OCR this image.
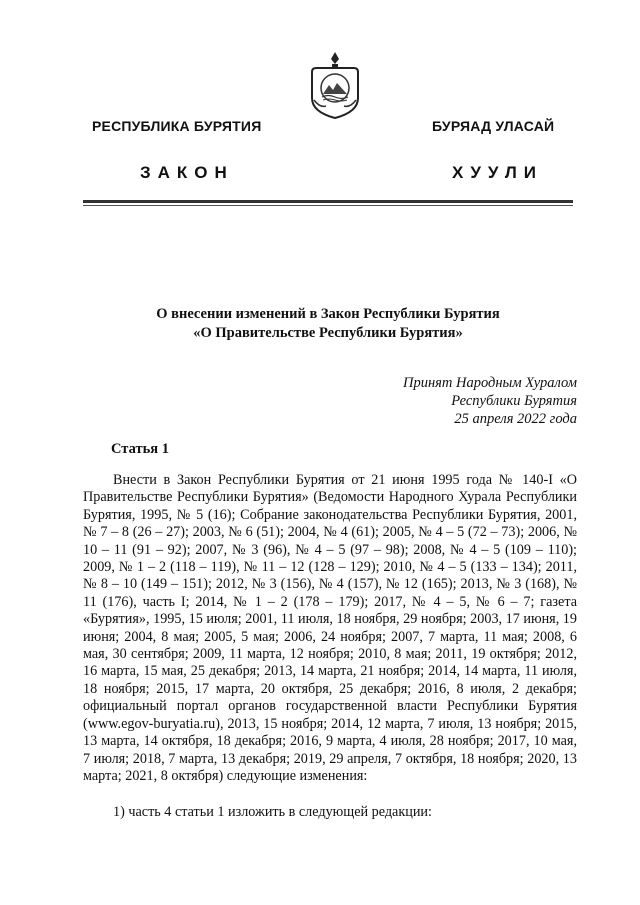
РЕСПУБЛИКА БУРЯТИЯ	БУРЯАД УЛАСАЙ
ЗАКОН	ХУУЛИ
О внесении изменений в Закон Республики Бурятия
«О Правительстве Республики Бурятия»
Принят Народным Хуралом
Республики Бурятия
25 апреля 2022 года
Статья 1

Внести в Закон Республики Бурятия от 21 июня 1995 года № 140-I «О Правительстве Республики Бурятия» (Ведомости Народного Хурала Республики Бурятия, 1995, № 5 (16); Собрание законодательства Республики Бурятия, 2001, № 7 – 8 (26 – 27); 2003, № 6 (51); 2004, № 4 (61); 2005, № 4 – 5 (72 – 73); 2006, № 10 – 11 (91 – 92); 2007, № 3 (96), № 4 – 5 (97 – 98); 2008, № 4 – 5 (109 – 110); 2009, № 1 – 2 (118 – 119), № 11 – 12 (128 – 129); 2010, № 4 – 5 (133 – 134); 2011, № 8 – 10 (149 – 151); 2012, № 3 (156), № 4 (157), № 12 (165); 2013, № 3 (168), № 11 (176), часть I; 2014, № 1 – 2 (178 – 179); 2017, № 4 – 5, № 6 – 7; газета «Бурятия», 1995, 15 июля; 2001, 11 июля, 18 ноября, 29 ноября; 2003, 17 июня, 19 июня; 2004, 8 мая; 2005, 5 мая; 2006, 24 ноября; 2007, 7 марта, 11 мая; 2008, 6 мая, 30 сентября; 2009, 11 марта, 12 ноября; 2010, 8 мая; 2011, 19 октября; 2012, 16 марта, 15 мая, 25 декабря; 2013, 14 марта, 21 ноября; 2014, 14 марта, 11 июля, 18 ноября; 2015, 17 марта, 20 октября, 25 декабря; 2016, 8 июля, 2 декабря; официальный портал органов государственной власти Республики Бурятия (www.egov-buryatia.ru), 2013, 15 ноября; 2014, 12 марта, 7 июля, 13 ноября; 2015, 13 марта, 14 октября, 18 декабря; 2016, 9 марта, 4 июля, 28 ноября; 2017, 10 мая, 7 июля; 2018, 7 марта, 13 декабря; 2019, 29 апреля, 7 октября, 18 ноября; 2020, 13 марта; 2021, 8 октября) следующие изменения:

1) часть 4 статьи 1 изложить в следующей редакции:
